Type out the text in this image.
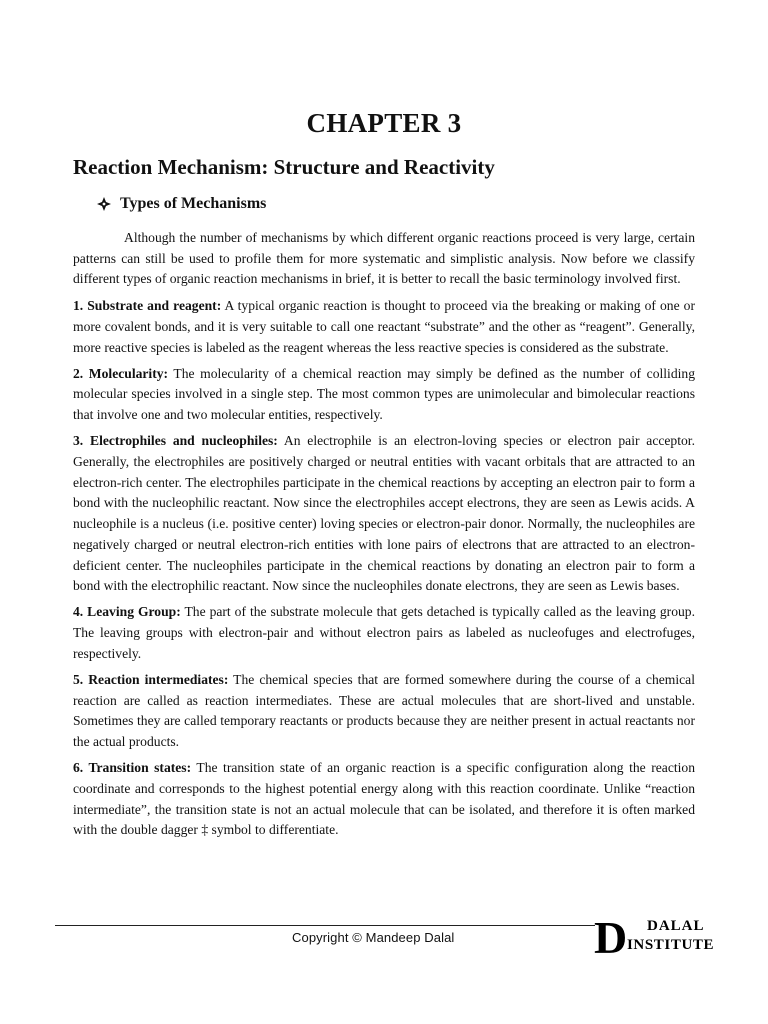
CHAPTER 3
Reaction Mechanism: Structure and Reactivity
Types of Mechanisms

Although the number of mechanisms by which different organic reactions proceed is very large, certain patterns can still be used to profile them for more systematic and simplistic analysis. Now before we classify different types of organic reaction mechanisms in brief, it is better to recall the basic terminology involved first.

1. Substrate and reagent: A typical organic reaction is thought to proceed via the breaking or making of one or more covalent bonds, and it is very suitable to call one reactant “substrate” and the other as “reagent”. Generally, more reactive species is labeled as the reagent whereas the less reactive species is considered as the substrate.

2. Molecularity: The molecularity of a chemical reaction may simply be defined as the number of colliding molecular species involved in a single step. The most common types are unimolecular and bimolecular reactions that involve one and two molecular entities, respectively.

3. Electrophiles and nucleophiles: An electrophile is an electron-loving species or electron pair acceptor. Generally, the electrophiles are positively charged or neutral entities with vacant orbitals that are attracted to an electron-rich center. The electrophiles participate in the chemical reactions by accepting an electron pair to form a bond with the nucleophilic reactant. Now since the electrophiles accept electrons, they are seen as Lewis acids. A nucleophile is a nucleus (i.e. positive center) loving species or electron-pair donor. Normally, the nucleophiles are negatively charged or neutral electron-rich entities with lone pairs of electrons that are attracted to an electron-deficient center. The nucleophiles participate in the chemical reactions by donating an electron pair to form a bond with the electrophilic reactant. Now since the nucleophiles donate electrons, they are seen as Lewis bases.

4. Leaving Group: The part of the substrate molecule that gets detached is typically called as the leaving group. The leaving groups with electron-pair and without electron pairs as labeled as nucleofuges and electrofuges, respectively.

5. Reaction intermediates: The chemical species that are formed somewhere during the course of a chemical reaction are called as reaction intermediates. These are actual molecules that are short-lived and unstable. Sometimes they are called temporary reactants or products because they are neither present in actual reactants nor the actual products.

6. Transition states: The transition state of an organic reaction is a specific configuration along the reaction coordinate and corresponds to the highest potential energy along with this reaction coordinate. Unlike “reaction intermediate”, the transition state is not an actual molecule that can be isolated, and therefore it is often marked with the double dagger ‡ symbol to differentiate.

Copyright © Mandeep Dalal	D DALAL
INSTITUTE
